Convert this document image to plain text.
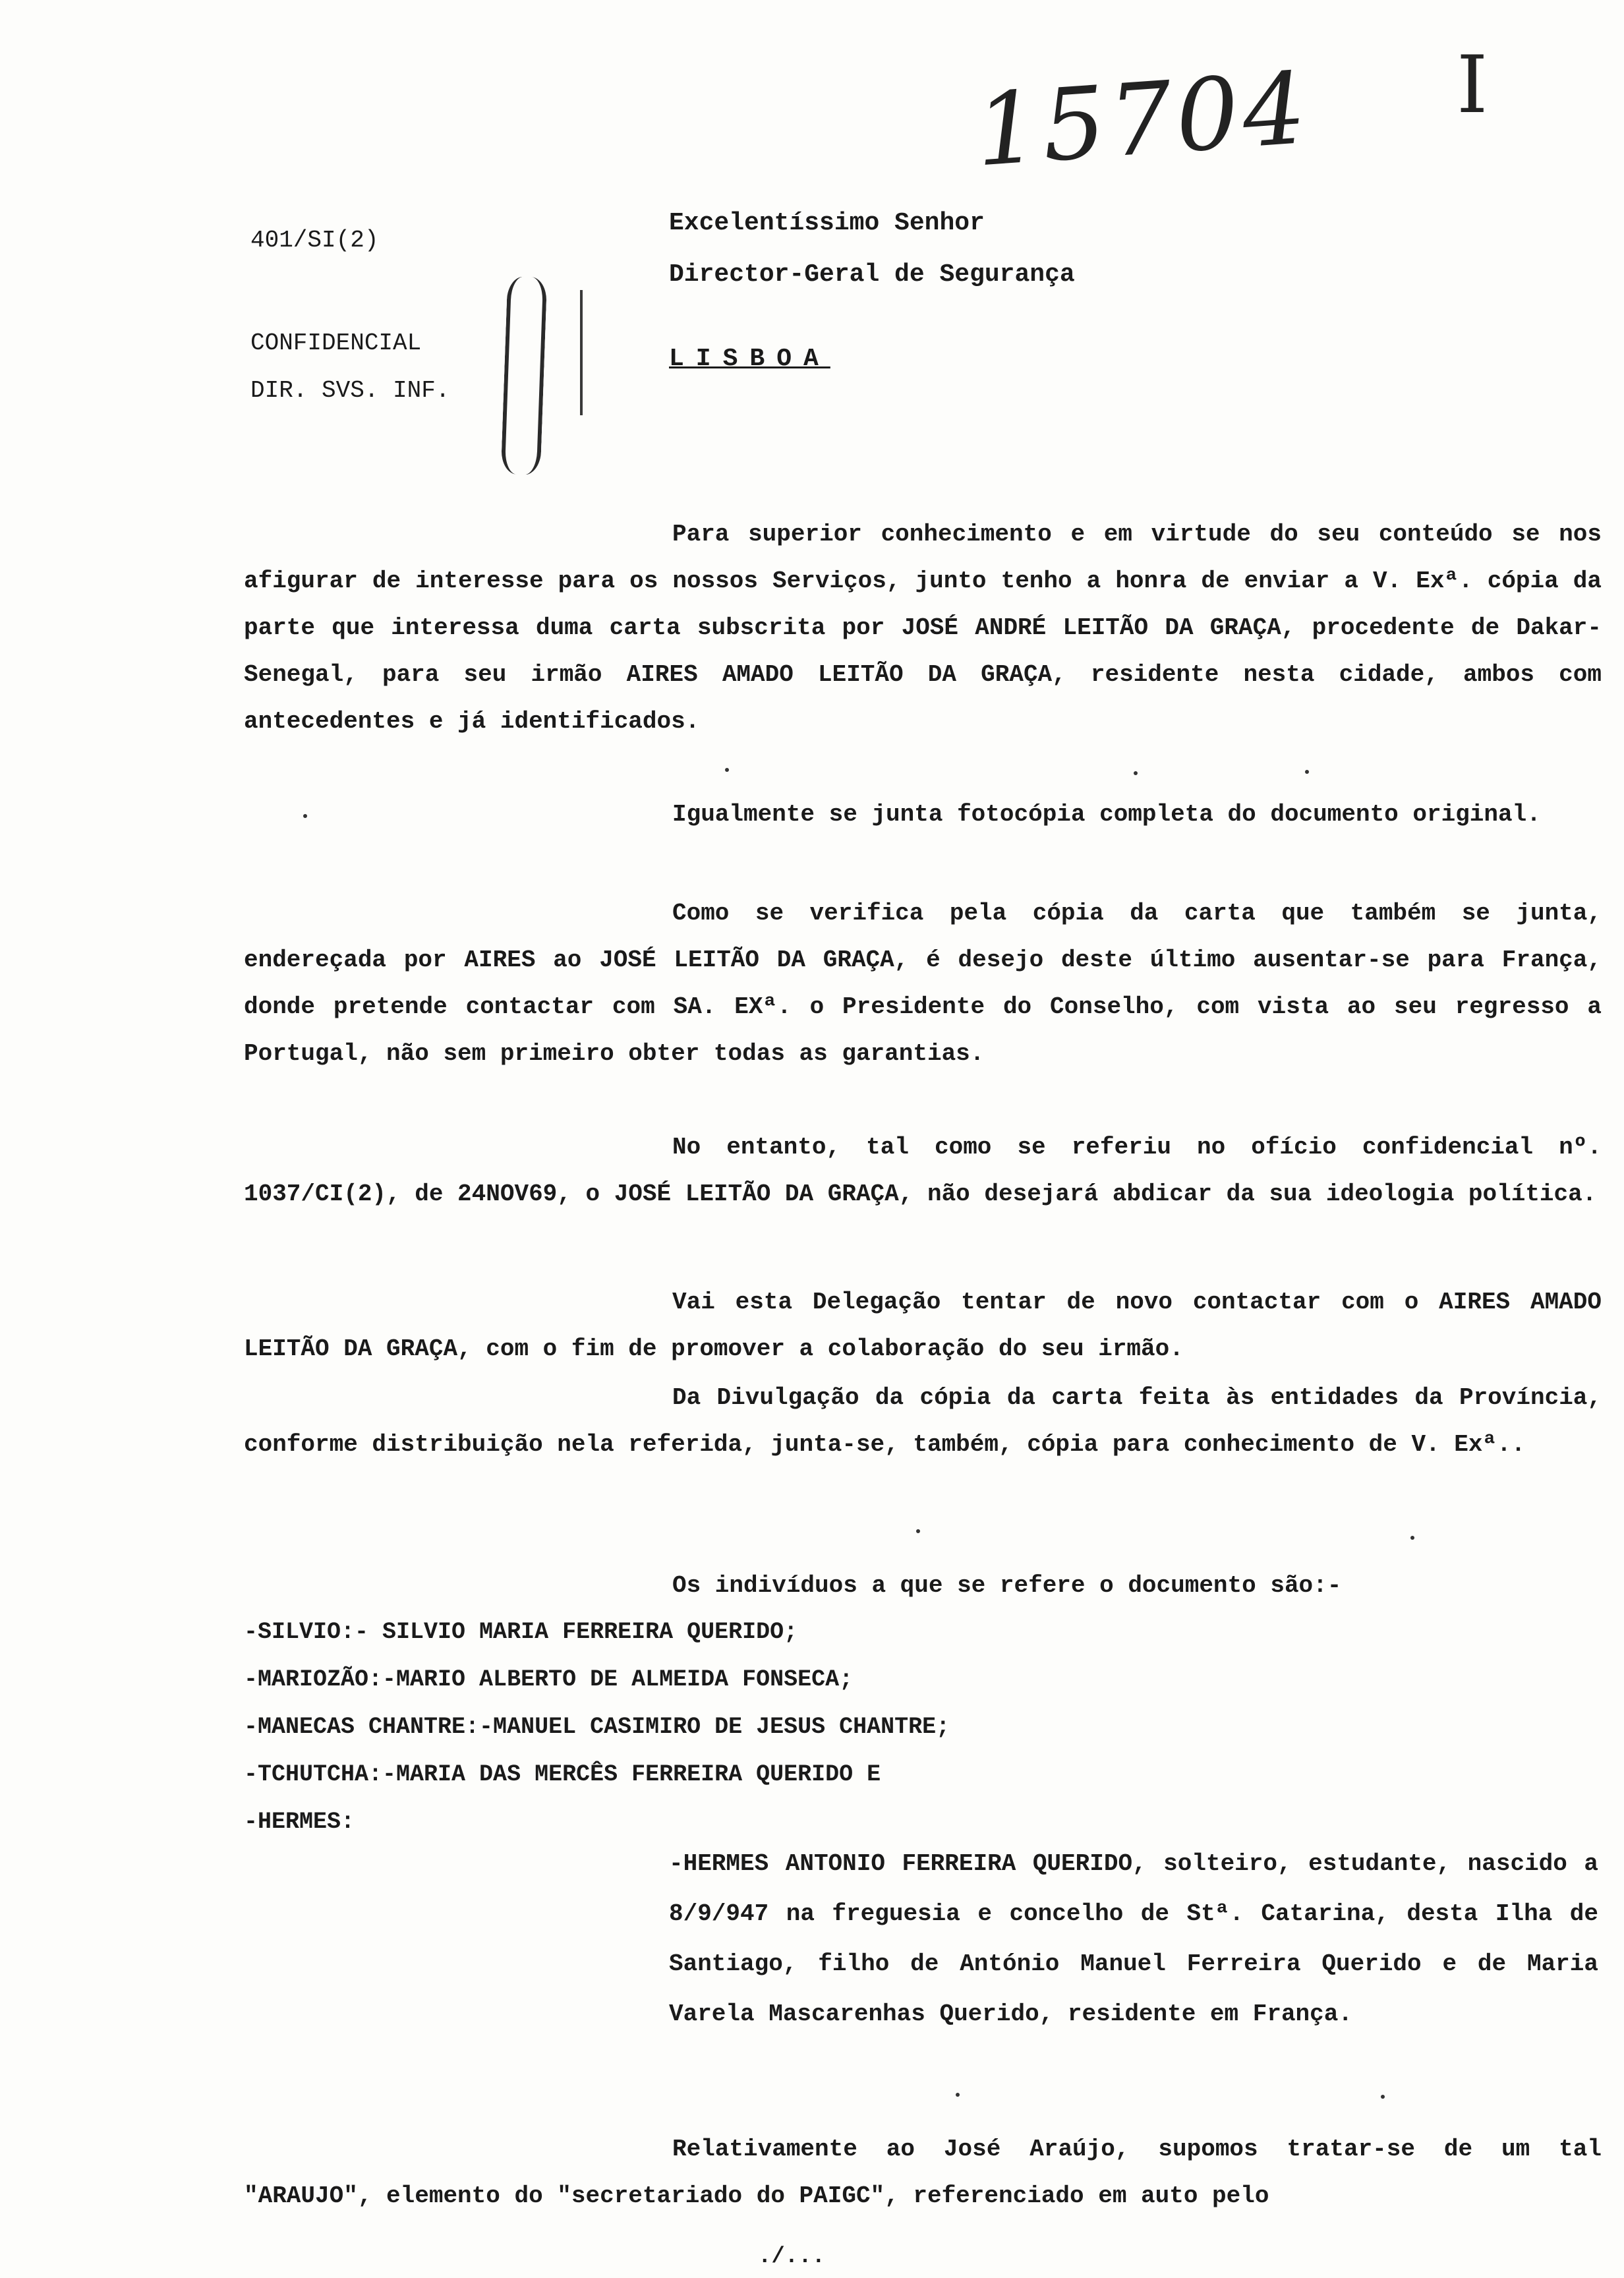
15704 I
401/SI(2)
CONFIDENCIAL
DIR. SVS. INF.
Excelentíssimo Senhor
Director-Geral de Segurança
LISBOA
Para superior conhecimento e em virtude do seu conteúdo se nos afigurar de interesse para os nossos Serviços, junto tenho a honra de enviar a V. Exª. cópia da parte que interessa duma carta subscrita por JOSÉ ANDRÉ LEITÃO DA GRAÇA, procedente de Dakar-Senegal, para seu irmão AIRES AMADO LEITÃO DA GRAÇA, residente nesta cidade, ambos com antecedentes e já identificados.
Igualmente se junta fotocópia completa do documento original.
Como se verifica pela cópia da carta que também se junta, endereçada por AIRES ao JOSÉ LEITÃO DA GRAÇA, é desejo deste último ausentar-se para França, donde pretende contactar com SA. EXª. o Presidente do Conselho, com vista ao seu regresso a Portugal, não sem primeiro obter todas as garantias.
No entanto, tal como se referiu no ofício confidencial nº. 1037/CI(2), de 24NOV69, o JOSÉ LEITÃO DA GRAÇA, não desejará abdicar da sua ideologia política.
Vai esta Delegação tentar de novo contactar com o AIRES AMADO LEITÃO DA GRAÇA, com o fim de promover a colaboração do seu irmão.
Da Divulgação da cópia da carta feita às entidades da Província, conforme distribuição nela referida, junta-se, também, cópia para conhecimento de V. Exª..
Os indivíduos a que se refere o documento são:-
-SILVIO:- SILVIO MARIA FERREIRA QUERIDO;
-MARIOZÃO:-MARIO ALBERTO DE ALMEIDA FONSECA;
-MANECAS CHANTRE:-MANUEL CASIMIRO DE JESUS CHANTRE;
-TCHUTCHA:-MARIA DAS MERCÊS FERREIRA QUERIDO E
-HERMES:
-HERMES ANTONIO FERREIRA QUERIDO, solteiro, estudante, nascido a 8/9/947 na freguesia e concelho de Stª. Catarina, desta Ilha de Santiago, filho de António Manuel Ferreira Querido e de Maria Varela Mascarenhas Querido, residente em França.
Relativamente ao José Araújo, supomos tratar-se de um tal "ARAUJO", elemento do "secretariado do PAIGC", referenciado em auto pelo
./...
